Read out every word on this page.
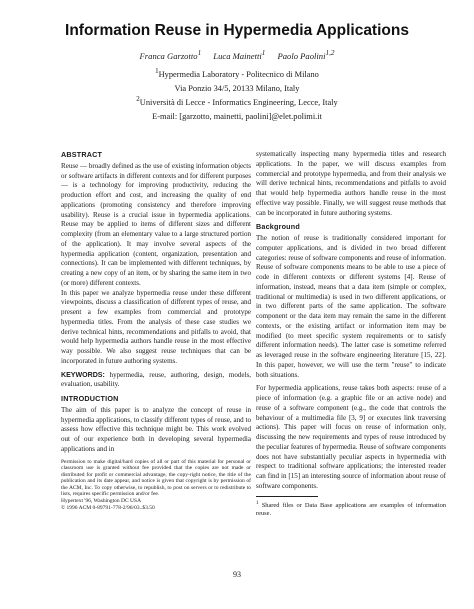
Information Reuse in Hypermedia Applications
Franca Garzotto$^1$ Luca Mainetti$^1$ Paolo Paolini$^{1,2}$
$^1$Hypermedia Laboratory - Politecnico di Milano
Via Ponzio 34/5, 20133 Milano, Italy
$^2$Università di Lecce - Informatics Engineering, Lecce, Italy
E-mail: [garzotto, mainetti, paolini]@elet.polimi.it
ABSTRACT

Reuse — broadly defined as the use of existing information objects or software artifacts in different contexts and for different purposes — is a technology for improving productivity, reducing the production effort and cost, and increasing the quality of end applications (promoting consistency and therefore improving usability). Reuse is a crucial issue in hypermedia applications. Reuse may be applied to items of different sizes and different complexity (from an elementary value to a large structured portion of the application). It may involve several aspects of the hypermedia application (content, organization, presentation and connections). It can be implemented with different techniques, by creating a new copy of an item, or by sharing the same item in two (or more) different contexts.

In this paper we analyze hypermedia reuse under these different viewpoints, discuss a classification of different types of reuse, and present a few examples from commercial and prototype hypermedia titles. From the analysis of these case studies we derive technical hints, recommendations and pitfalls to avoid, that would help hypermedia authors handle reuse in the most effective way possible. We also suggest reuse techniques that can be incorporated in future authoring systems.

KEYWORDS: hypermedia, reuse, authoring, design, models, evaluation, usability.

INTRODUCTION

The aim of this paper is to analyze the concept of reuse in hypermedia applications, to classify different types of reuse, and to assess how effective this technique might be. This work evolved out of our experience both in developing several hypermedia applications and in

Permission to make digital/hard copies of all or part of this material for personal or classroom use is granted without fee provided that the copies are not made or distributed for profit or commercial advantage, the copy-right notice, the title of the publication and its date appear, and notice is given that copyright is by permission of the ACM, Inc. To copy otherwise, to republish, to post on servers or to redistribute to lists, requires specific permission and/or fee.

Hypertext '96, Washington DC USA

© 1996 ACM 0-89791-778-2/96/03..$3.50

systematically inspecting many hypermedia titles and research applications. In the paper, we will discuss examples from commercial and prototype hypermedia, and from their analysis we will derive technical hints, recommendations and pitfalls to avoid that would help hypermedia authors handle reuse in the most effective way possible. Finally, we will suggest reuse methods that can be incorporated in future authoring systems.

Background

The notion of reuse is traditionally considered important for computer applications, and is divided in two broad different categories: reuse of software components and reuse of information. Reuse of software components means to be able to use a piece of code in different contexts or different systems [4]. Reuse of information, instead, means that a data item (simple or complex, traditional or multimedia) is used in two different applications, or in two different parts of the same application. The software component or the data item may remain the same in the different contexts, or the existing artifact or information item may be modified (to meet specific system requirements or to satisfy different information needs). The latter case is sometime referred as leveraged reuse in the software engineering literature [15, 22]. In this paper, however, we will use the term "reuse" to indicate both situations.

For hypermedia applications, reuse takes both aspects: reuse of a piece of information (e.g. a graphic file or an active node) and reuse of a software component (e.g., the code that controls the behaviour of a multimedia file [3, 9] or executes link traversing actions). This paper will focus on reuse of information only, discussing the new requirements and types of reuse introduced by the peculiar features of hypermedia. Reuse of software components does not have substantially peculiar aspects in hypermedia with respect to traditional software applications; the interested reader can find in [15] an interesting source of information about reuse of software components.

$^1$ Shared files or Data Base applications are examples of information reuse.

93
